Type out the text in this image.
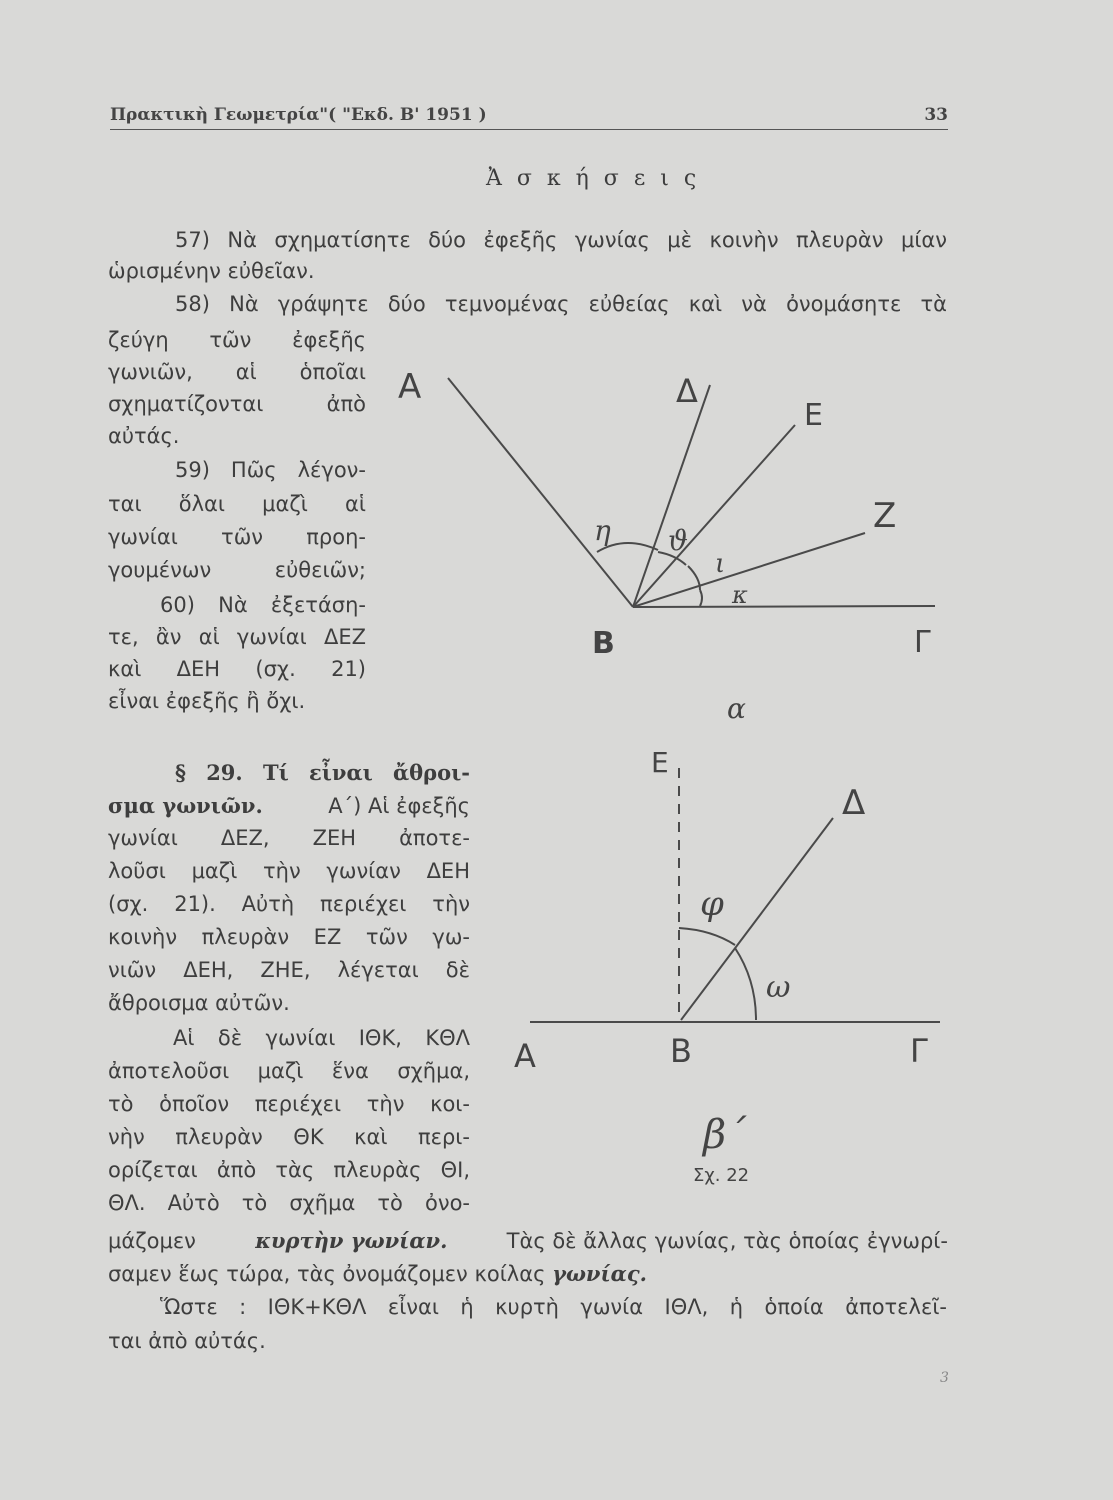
Πρακτικὴ Γεωμετρία"( "Εκδ. Β' 1951 )	33
Ἀ σ κ ή σ ε ι ς
57) Νὰ σχηματίσητε δύο ἐφεξῆς γωνίας μὲ κοινὴν πλευρὰν μίαν
ὡρισμένην εὐθεῖαν.
58) Νὰ γράψητε δύο τεμνομένας εὐθείας καὶ νὰ ὀνομάσητε τὰ
ζεύγη τῶν ἐφεξῆς
γωνιῶν, αἱ ὁποῖαι
σχηματίζονται ἀπὸ
αὐτάς.
59) Πῶς λέγον-
ται ὅλαι μαζὶ αἱ
γωνίαι τῶν προη-
γουμένων εὐθειῶν;
60) Νὰ ἐξετάση-
τε, ἂν αἱ γωνίαι ΔΕΖ
καὶ ΔΕΗ (σχ. 21)
εἶναι ἐφεξῆς ἢ ὄχι.
§ 29. Τί εἶναι ἄθροι-
σμα γωνιῶν.	Α΄) Αἱ ἐφεξῆς
γωνίαι ΔΕΖ, ΖΕΗ ἀποτε-
λοῦσι μαζὶ τὴν γωνίαν ΔΕΗ
(σχ. 21). Αὐτὴ περιέχει τὴν
κοινὴν πλευρὰν ΕΖ τῶν γω-
νιῶν ΔΕΗ, ΖΗΕ, λέγεται δὲ
ἄθροισμα αὐτῶν.
Αἱ δὲ γωνίαι ΙΘΚ, ΚΘΛ
ἀποτελοῦσι μαζὶ ἕνα σχῆμα,
τὸ ὁποῖον περιέχει τὴν κοι-
νὴν πλευρὰν ΘΚ καὶ περι-
ορίζεται ἀπὸ τὰς πλευρὰς ΘΙ,
ΘΛ. Αὐτὸ τὸ σχῆμα τὸ ὀνο-
μάζομεν	κυρτὴν γωνίαν.	Τὰς δὲ ἄλλας γωνίας, τὰς ὁποίας ἐγνωρί-
σαμεν ἕως τώρα, τὰς ὀνομάζομεν κοίλας γωνίας.
Ὥστε : ΙΘΚ+ΚΘΛ εἶναι ἡ κυρτὴ γωνία ΙΘΛ, ἡ ὁποία ἀποτελεῖ-
ται ἀπὸ αὐτάς.
Α	Δ
Ε
Ζ
Β	Γ
η ϑ
ι
κ
α
Ε
Δ
Α	Β	Γ
φ
ω
β΄
Σχ. 22
3
